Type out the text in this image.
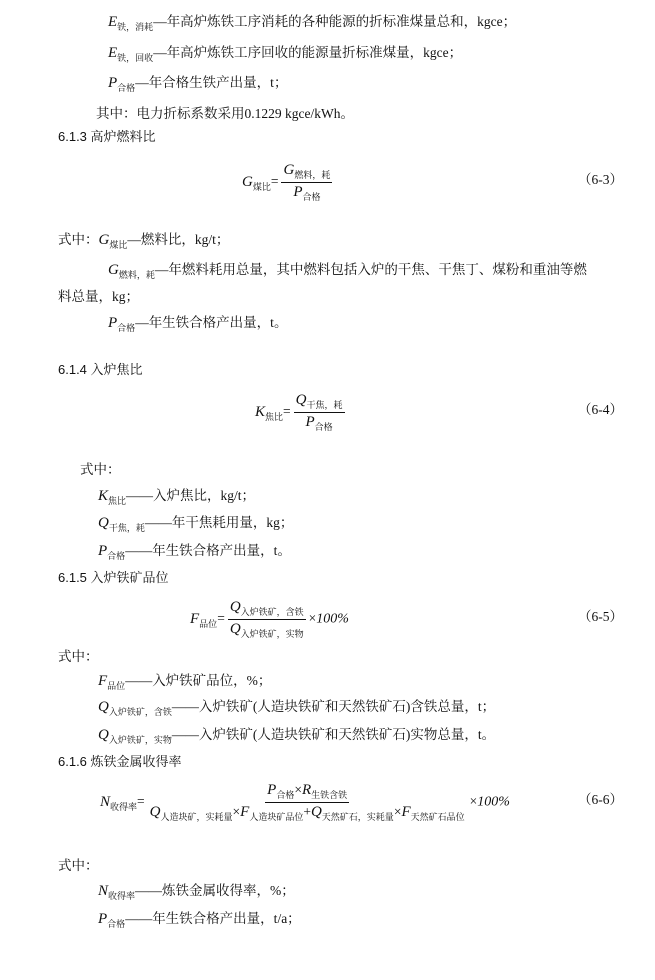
$E_{铁,消耗}—$年高炉炼铁工序消耗的各种能源的折标准煤量总和，kgce；
$E_{铁,回收}—$年高炉炼铁工序回收的能源量折标准煤量，kgce；
$P_{合格}—$年合格生铁产出量，t；
其中：电力折标系数采用0.1229 kgce/kWh。
6.1.3 高炉燃料比
$G_{煤比}= \frac{G_{燃料,耗}}{P_{合格}}$	（6-3）
式中：$G_{煤比}—$燃料比，kg/t；
$G_{燃料,耗}—$年燃料耗用总量，其中燃料包括入炉的干焦、干焦丁、煤粉和重油等燃
料总量，kg；
$P_{合格}—$年生铁合格产出量，t。
6.1.4 入炉焦比
$K_{焦比}= \frac{Q_{干焦,耗}}{P_{合格}}$	（6-4）
式中：
$K_{焦比}——$入炉焦比，kg/t；
$Q_{干焦,耗}——$年干焦耗用量，kg；
$P_{合格}——$年生铁合格产出量，t。
6.1.5 入炉铁矿品位
$F_{品位}= \frac{Q_{入炉铁矿,含铁}}{Q_{入炉铁矿,实物}} \times 100\%$	（6-5）
式中：
$F_{品位}——$入炉铁矿品位，%；
$Q_{入炉铁矿,含铁}——$入炉铁矿(人造块铁矿和天然铁矿石)含铁总量，t；
$Q_{入炉铁矿,实物}——$入炉铁矿(人造块铁矿和天然铁矿石)实物总量，t。
6.1.6 炼铁金属收得率
$N_{收得率}= \frac{P_{合格}\times R_{生铁含铁}}{Q_{人造块矿,实耗量}\times F_{人造块矿品位}+Q_{天然矿石,实耗量}\times F_{天然矿石品位}} \times 100\%$	（6-6）
式中：
$N_{收得率}——$炼铁金属收得率，%；
$P_{合格}——$年生铁合格产出量，t/a；
